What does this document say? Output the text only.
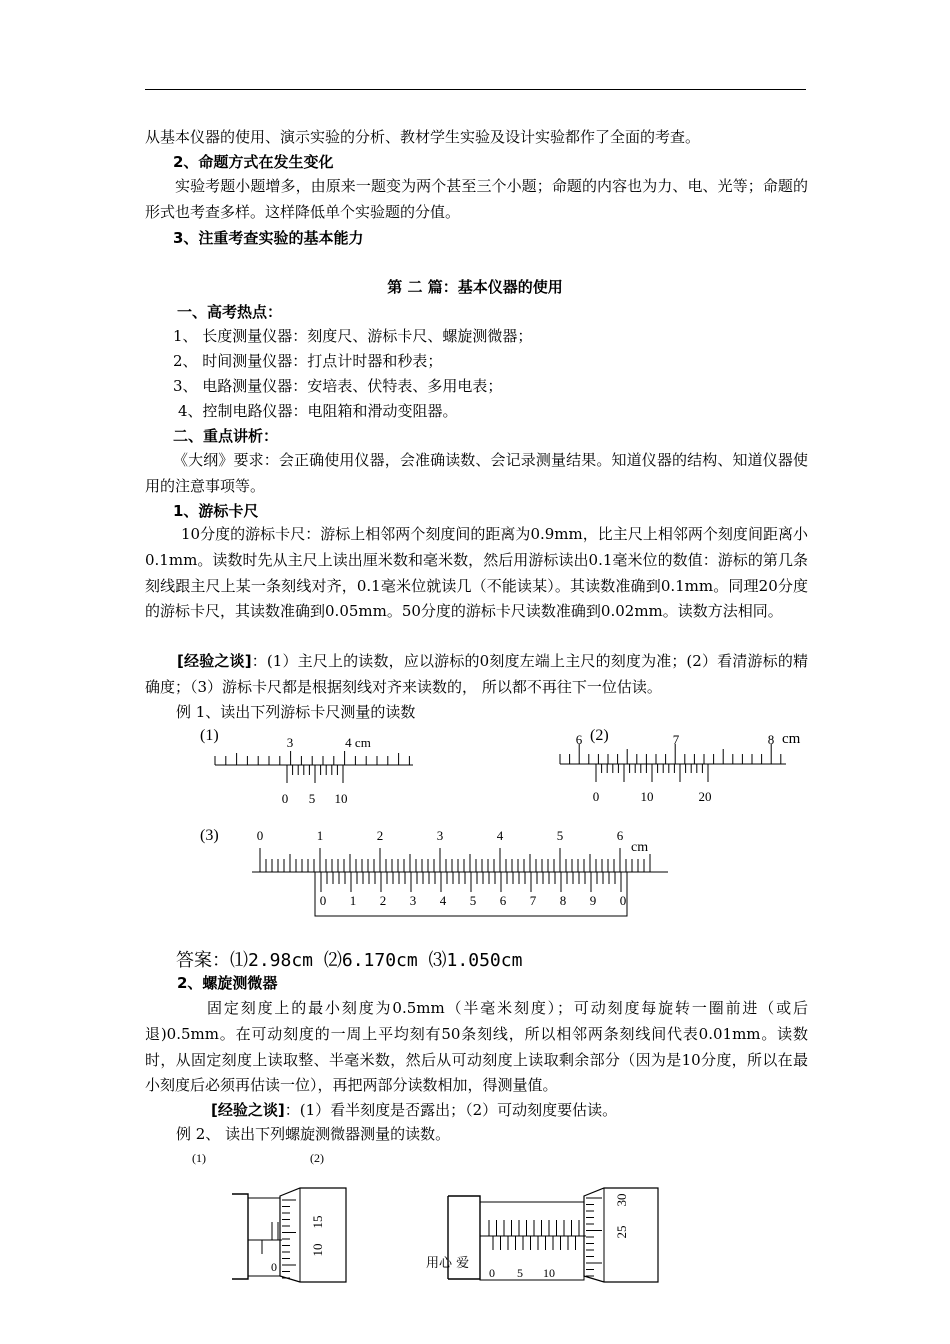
从基本仪器的使用、演示实验的分析、教材学生实验及设计实验都作了全面的考查。
2、命题方式在发生变化
实验考题小题增多，由原来一题变为两个甚至三个小题；命题的内容也为力、电、光等；命题的形式也考查多样。这样降低单个实验题的分值。
3、注重考查实验的基本能力
第 二 篇：基本仪器的使用
一、高考热点：
1、 长度测量仪器：刻度尺、游标卡尺、螺旋测微器；
2、 时间测量仪器：打点计时器和秒表；
3、 电路测量仪器：安培表、伏特表、多用电表；
4、控制电路仪器：电阻箱和滑动变阻器。
二、重点讲析：
《大纲》要求：会正确使用仪器，会准确读数、会记录测量结果。知道仪器的结构、知道仪器使用的注意事项等。
1、游标卡尺
10分度的游标卡尺：游标上相邻两个刻度间的距离为0.9mm，比主尺上相邻两个刻度间距离小0.1mm。读数时先从主尺上读出厘米数和毫米数，然后用游标读出0.1毫米位的数值：游标的第几条刻线跟主尺上某一条刻线对齐，0.1毫米位就读几（不能读某）。其读数准确到0.1mm。同理20分度的游标卡尺，其读数准确到0.05mm。50分度的游标卡尺读数准确到0.02mm。读数方法相同。
[经验之谈]：(1）主尺上的读数，应以游标的0刻度左端上主尺的刻度为准；(2）看清游标的精确度；（3）游标卡尺都是根据刻线对齐来读数的， 所以都不再往下一位估读。
例 1、读出下列游标卡尺测量的读数
(1)	3	4 cm
0 5 10
(2)	cm
6	7	8
0	10	20
(3)
cm
0	1	2	3	4	5	6
0 1 2 3 4 5 6 7 8 9 0
(1)
15
10
0
(2)
30
25
0 5 10
答案：⑴2.98cm ⑵6.170cm ⑶1.050cm
2、螺旋测微器
固定刻度上的最小刻度为0.5mm（半毫米刻度）；可动刻度每旋转一圈前进（或后退)0.5mm。在可动刻度的一周上平均刻有50条刻线，所以相邻两条刻线间代表0.01mm。读数时，从固定刻度上读取整、半毫米数，然后从可动刻度上读取剩余部分（因为是10分度，所以在最小刻度后必须再估读一位），再把两部分读数相加，得测量值。
[经验之谈]：(1）看半刻度是否露出；（2）可动刻度要估读。
例 2、 读出下列螺旋测微器测量的读数。
用心 爱
